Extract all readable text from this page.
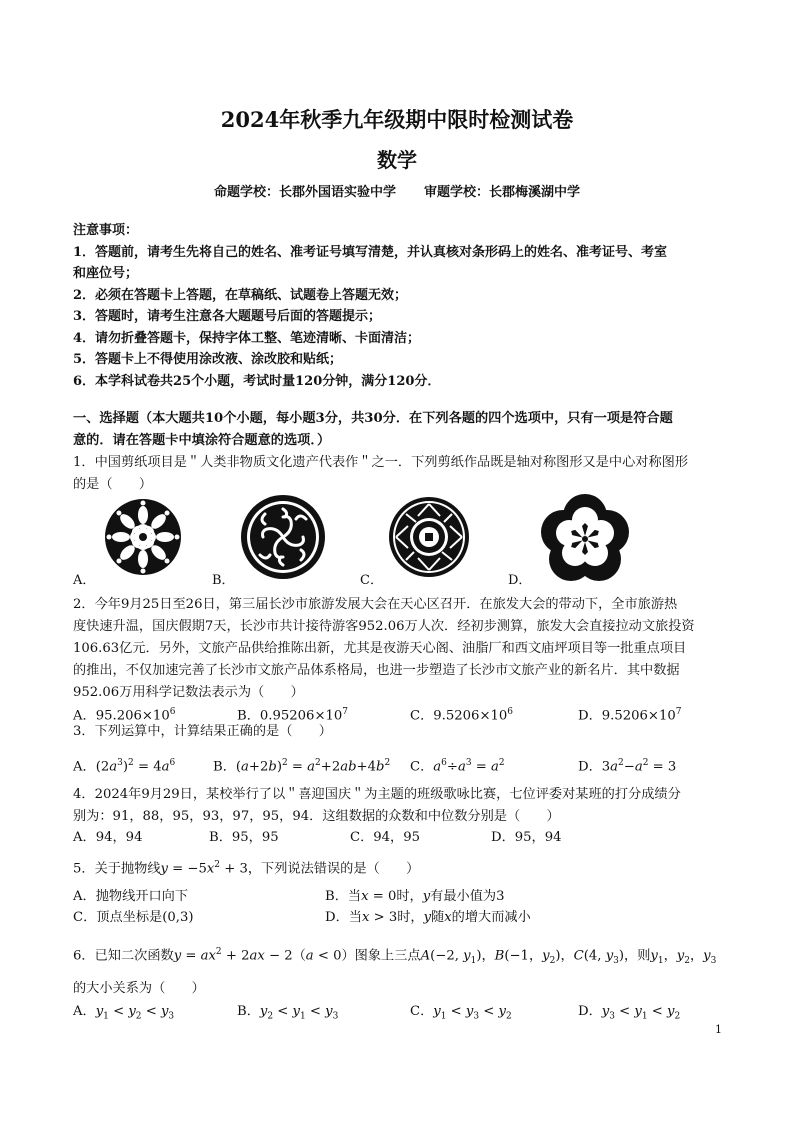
2024年秋季九年级期中限时检测试卷
数学
命题学校：长郡外国语实验中学 审题学校：长郡梅溪湖中学
注意事项：
1．答题前，请考生先将自己的姓名、准考证号填写清楚，并认真核对条形码上的姓名、准考证号、考室
和座位号；
2．必须在答题卡上答题，在草稿纸、试题卷上答题无效；
3．答题时，请考生注意各大题题号后面的答题提示；
4．请勿折叠答题卡，保持字体工整、笔迹清晰、卡面清洁；
5．答题卡上不得使用涂改液、涂改胶和贴纸；
6．本学科试卷共25个小题，考试时量120分钟，满分120分．
一、选择题（本大题共10个小题，每小题3分，共30分．在下列各题的四个选项中，只有一项是符合题
意的．请在答题卡中填涂符合题意的选项．）
1．中国剪纸项目是＂人类非物质文化遗产代表作＂之一．下列剪纸作品既是轴对称图形又是中心对称图形
的是（　　）
A．	B．	C．	D．
2．今年9月25日至26日，第三届长沙市旅游发展大会在天心区召开．在旅发大会的带动下，全市旅游热
度快速升温，国庆假期7天，长沙市共计接待游客952.06万人次．经初步测算，旅发大会直接拉动文旅投资
106.63亿元．另外，文旅产品供给推陈出新，尤其是夜游天心阁、油脂厂和西文庙坪项目等一批重点项目
的推出，不仅加速完善了长沙市文旅产品体系格局，也进一步塑造了长沙市文旅产业的新名片．其中数据
952.06万用科学记数法表示为（　　）
A．$95.206\times 10^6$	B．$0.95206\times 10^7$	C．$9.5206\times 10^6$	D．$9.5206\times 10^7$
3．下列运算中，计算结果正确的是（　　）
A．$(2a^3)^2 = 4a^6$	B．$(a+2b)^2 = a^2+2ab+4b^2$ C．$a^6\div a^3 = a^2$	D．$3a^2-a^2 = 3$
4．2024年9月29日，某校举行了以＂喜迎国庆＂为主题的班级歌咏比赛，七位评委对某班的打分成绩分
别为：91，88，95，93，97，95，94．这组数据的众数和中位数分别是（　　）
A．94，94	B．95，95	C．94，95	D．95，94
5．关于抛物线$y = -5x^2 + 3$，下列说法错误的是（　　）
A．抛物线开口向下	B．当x = 0时，y有最小值为3
C．顶点坐标是(0,3)	D．当x > 3时，y随x的增大而减小
6．已知二次函数$y = ax^2 + 2ax - 2(a < 0)$图象上三点A(−2, $y_1$)，B(−1，$y_2$)，C(4, $y_3$)，则$y_1$，$y_2$，$y_3$
的大小关系为（　　）
A．$y_1 < y_2 < y_3$	B．$y_2 < y_1 < y_3$	C．$y_1 < y_3 < y_2$	D．$y_3 < y_1 < y_2$
1
